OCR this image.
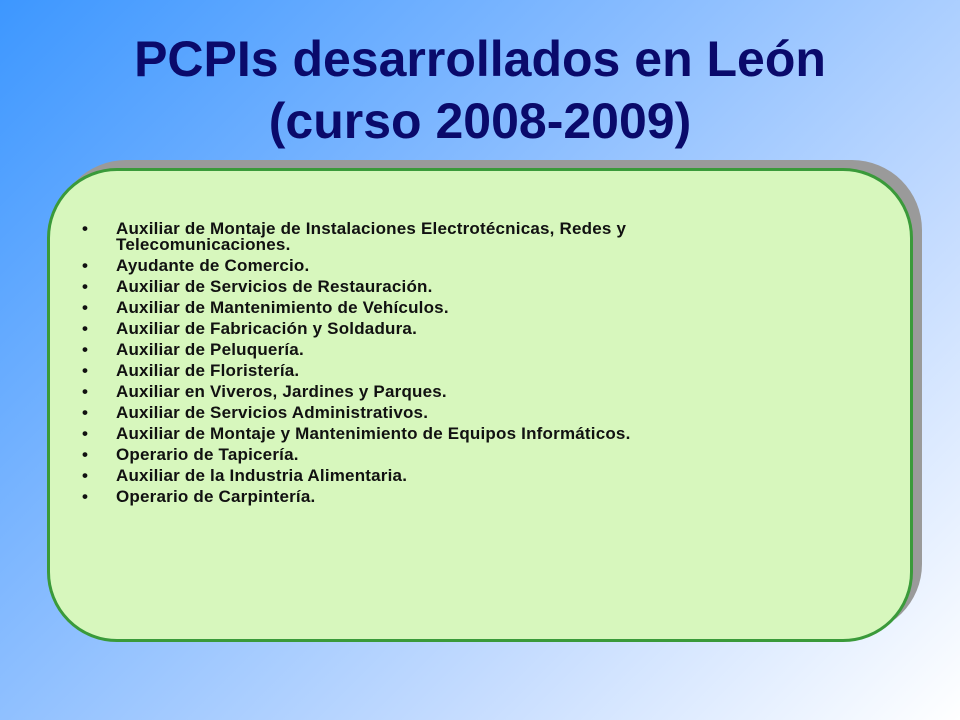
PCPIs desarrollados en León
(curso 2008-2009)
•	Auxiliar de Montaje de Instalaciones Electrotécnicas, Redes y Telecomunicaciones.
•	Ayudante de Comercio.
•	Auxiliar de Servicios de Restauración.
•	Auxiliar de Mantenimiento de Vehículos.
•	Auxiliar de Fabricación y Soldadura.
•	Auxiliar de Peluquería.
•	Auxiliar de Floristería.
•	Auxiliar en Viveros, Jardines y Parques.
•	Auxiliar de Servicios Administrativos.
•	Auxiliar de Montaje y Mantenimiento de Equipos Informáticos.
•	Operario de Tapicería.
•	Auxiliar de la Industria Alimentaria.
•	Operario de Carpintería.
